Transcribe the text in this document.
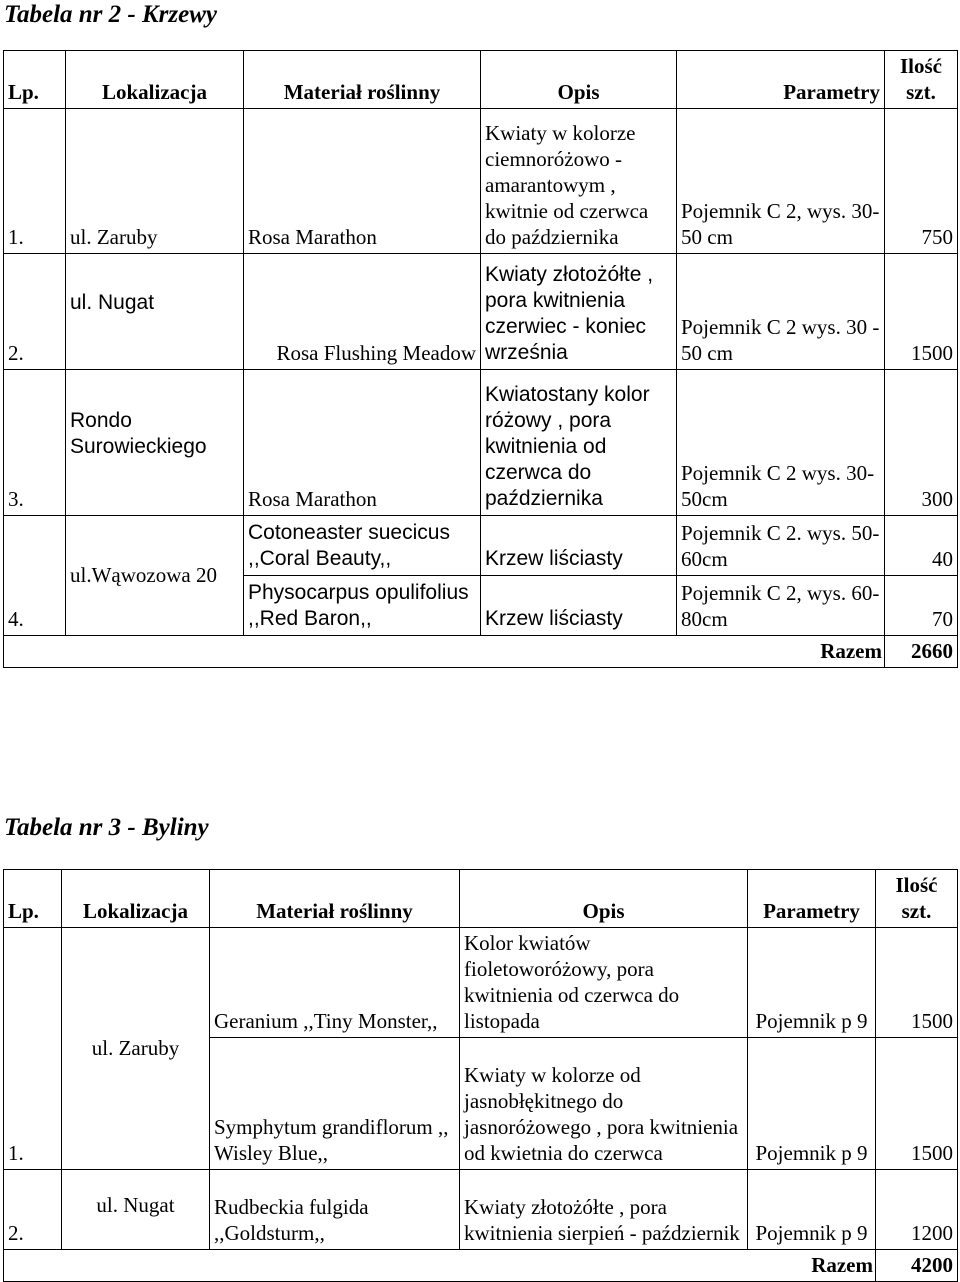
Tabela nr 2 - Krzewy
Lp.	Lokalizacja	Materiał roślinny	Opis	Parametry	Ilość szt.
1.	ul. Zaruby	Rosa Marathon	Kwiaty w kolorze ciemnoróżowo - amarantowym , kwitnie od czerwca do października	Pojemnik C 2, wys. 30-50 cm	750
2.	ul. Nugat	Rosa Flushing Meadow	Kwiaty złotożółte , pora kwitnienia czerwiec - koniec września	Pojemnik C 2 wys. 30 - 50 cm	1500
3.	Rondo Surowieckiego	Rosa Marathon	Kwiatostany kolor różowy , pora kwitnienia od czerwca do października	Pojemnik C 2 wys. 30-50cm	300
4.	ul.Wąwozowa 20	Cotoneaster suecicus ,,Coral Beauty,,	Krzew liściasty	Pojemnik C 2. wys. 50-60cm	40
		Physocarpus opulifolius ,,Red Baron,,	Krzew liściasty	Pojemnik C 2, wys. 60-80cm	70
Razem					2660
Tabela nr 3 - Byliny
Lp.	Lokalizacja	Materiał roślinny	Opis	Parametry	Ilość szt.
1.	ul. Zaruby	Geranium ,,Tiny Monster,,	Kolor kwiatów fioletoworóżowy, pora kwitnienia od czerwca do listopada	Pojemnik p 9	1500
		Symphytum grandiflorum ,, Wisley Blue,,	Kwiaty w kolorze od jasnobłękitnego do jasnoróżowego , pora kwitnienia od kwietnia do czerwca	Pojemnik p 9	1500
2.	ul. Nugat	Rudbeckia fulgida ,,Goldsturm,,	Kwiaty złotożółte , pora kwitnienia sierpień - październik	Pojemnik p 9	1200
Razem					4200
